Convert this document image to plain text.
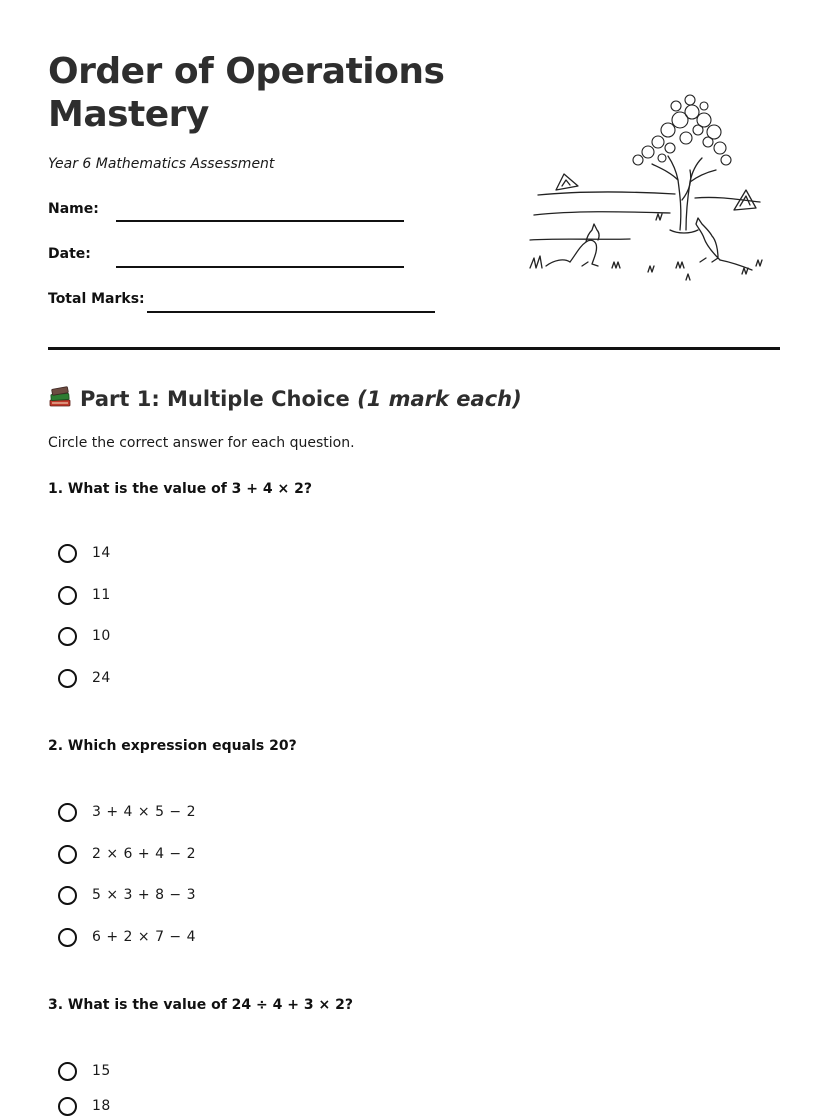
Order of Operations Mastery
Year 6 Mathematics Assessment
Name:
Date:
Total Marks:
Part 1: Multiple Choice (1 mark each)
Circle the correct answer for each question.
1. What is the value of 3 + 4 × 2?
14
11
10
24
2. Which expression equals 20?
3 + 4 × 5 − 2
2 × 6 + 4 − 2
5 × 3 + 8 − 3
6 + 2 × 7 − 4
3. What is the value of 24 ÷ 4 + 3 × 2?
15
18
